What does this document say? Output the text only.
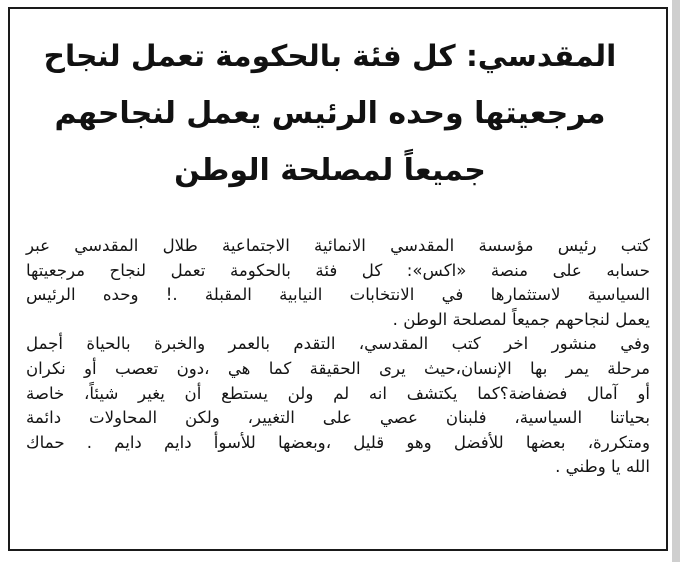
المقدسي: كل فئة بالحكومة تعمل لنجاح
مرجعيتها وحده الرئيس يعمل لنجاحهم
جميعاً لمصلحة الوطن
كتب رئيس مؤسسة المقدسي الانمائية الاجتماعية طلال المقدسي عبر
حسابه على منصة «اكس»: كل فئة بالحكومة تعمل لنجاح مرجعيتها
السياسية لاستثمارها في الانتخابات النيابية المقبلة .! وحده الرئيس
يعمل لنجاحهم جميعاً لمصلحة الوطن .
وفي منشور اخر كتب المقدسي، التقدم بالعمر والخبرة بالحياة أجمل
مرحلة يمر بها الإنسان،حيث يرى الحقيقة كما هي ،دون تعصب أو نكران
أو آمال فضفاضة؟كما يكتشف انه لم ولن يستطع أن يغير شيئاً، خاصة
بحياتنا السياسية، فلبنان عصي على التغيير، ولكن المحاولات دائمة
ومتكررة، بعضها للأفضل وهو قليل ،وبعضها للأسوأ دايم دايم . حماك
الله يا وطني .
